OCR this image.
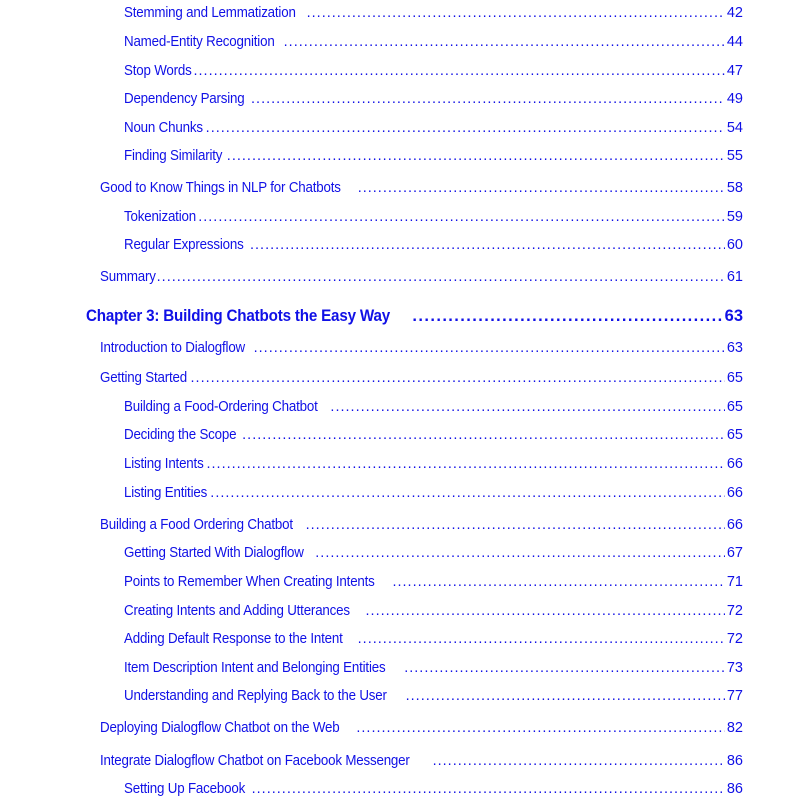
Stemming and Lemmatization .....	42
Named-Entity Recognition .....	44
Stop Words .....	47
Dependency Parsing .....	49
Noun Chunks .....	54
Finding Similarity .....	55
Good to Know Things in NLP for Chatbots .....	58
Tokenization .....	59
Regular Expressions .....	60
Summary .....	61
Chapter 3: Building Chatbots the Easy Way .....	63
Introduction to Dialogflow .....	63
Getting Started .....	65
Building a Food-Ordering Chatbot .....	65
Deciding the Scope .....	65
Listing Intents .....	66
Listing Entities .....	66
Building a Food Ordering Chatbot .....	66
Getting Started With Dialogflow .....	67
Points to Remember When Creating Intents .....	71
Creating Intents and Adding Utterances .....	72
Adding Default Response to the Intent .....	72
Item Description Intent and Belonging Entities .....	73
Understanding and Replying Back to the User .....	77
Deploying Dialogflow Chatbot on the Web .....	82
Integrate Dialogflow Chatbot on Facebook Messenger .....	86
Setting Up Facebook .....	86
